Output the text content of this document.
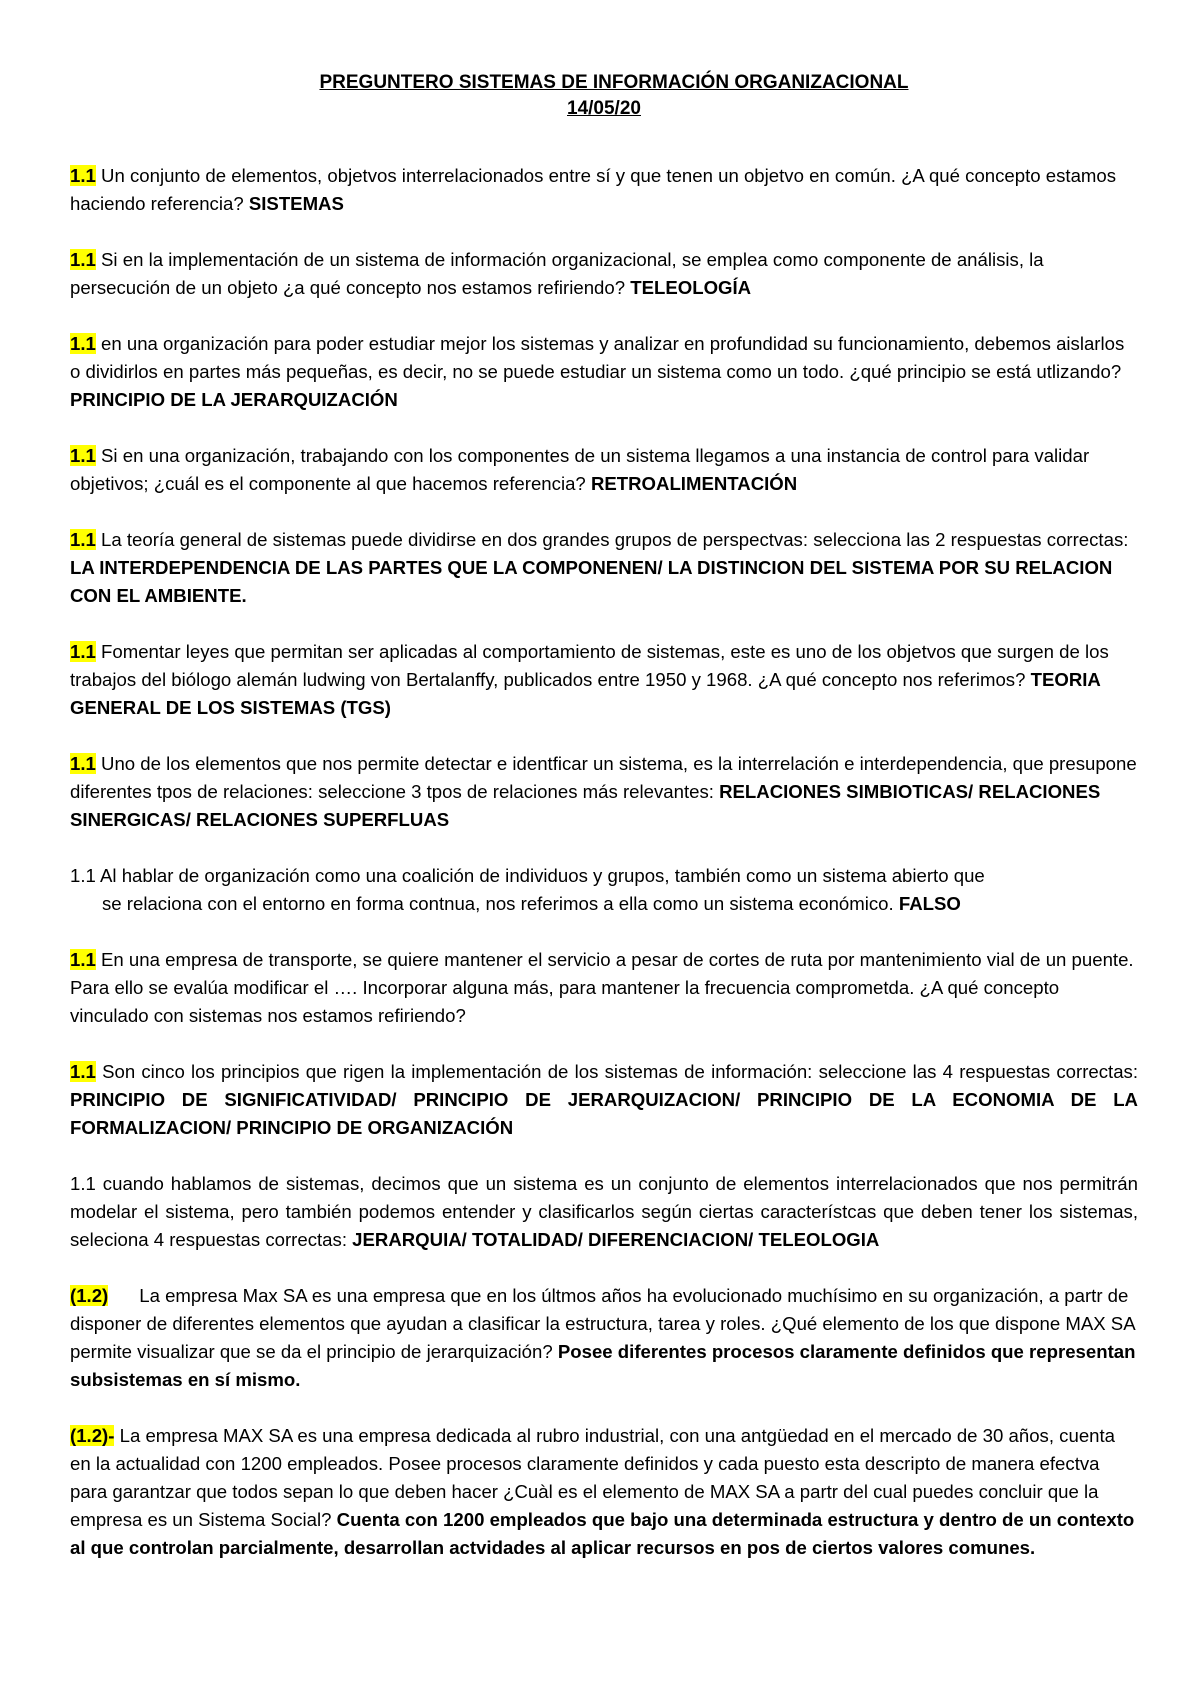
PREGUNTERO SISTEMAS DE INFORMACIÓN ORGANIZACIONAL
14/05/20

1.1 Un conjunto de elementos, objetvos interrelacionados entre sí y que tenen un objetvo en común. ¿A qué concepto estamos haciendo referencia? SISTEMAS

1.1 Si en la implementación de un sistema de información organizacional, se emplea como componente de análisis, la persecución de un objeto ¿a qué concepto nos estamos refiriendo? TELEOLOGÍA

1.1 en una organización para poder estudiar mejor los sistemas y analizar en profundidad su funcionamiento, debemos aislarlos o dividirlos en partes más pequeñas, es decir, no se puede estudiar un sistema como un todo. ¿qué principio se está utlizando? PRINCIPIO DE LA JERARQUIZACIÓN

1.1 Si en una organización, trabajando con los componentes de un sistema llegamos a una instancia de control para validar objetivos; ¿cuál es el componente al que hacemos referencia? RETROALIMENTACIÓN

1.1 La teoría general de sistemas puede dividirse en dos grandes grupos de perspectvas: selecciona las 2 respuestas correctas: LA INTERDEPENDENCIA DE LAS PARTES QUE LA COMPONENEN/ LA DISTINCION DEL SISTEMA POR SU RELACION CON EL AMBIENTE.

1.1 Fomentar leyes que permitan ser aplicadas al comportamiento de sistemas, este es uno de los objetvos que surgen de los trabajos del biólogo alemán ludwing von Bertalanffy, publicados entre 1950 y 1968. ¿A qué concepto nos referimos? TEORIA GENERAL DE LOS SISTEMAS (TGS)

1.1 Uno de los elementos que nos permite detectar e identficar un sistema, es la interrelación e interdependencia, que presupone diferentes tpos de relaciones: seleccione 3 tpos de relaciones más relevantes: RELACIONES SIMBIOTICAS/ RELACIONES SINERGICAS/ RELACIONES SUPERFLUAS

1.1 Al hablar de organización como una coalición de individuos y grupos, también como un sistema abierto que
se relaciona con el entorno en forma contnua, nos referimos a ella como un sistema económico. FALSO

1.1 En una empresa de transporte, se quiere mantener el servicio a pesar de cortes de ruta por mantenimiento vial de un puente. Para ello se evalúa modificar el …. Incorporar alguna más, para mantener la frecuencia comprometda. ¿A qué concepto vinculado con sistemas nos estamos refiriendo?

1.1 Son cinco los principios que rigen la implementación de los sistemas de información: seleccione las 4 respuestas correctas: PRINCIPIO DE SIGNIFICATIVIDAD/ PRINCIPIO DE JERARQUIZACION/ PRINCIPIO DE LA ECONOMIA DE LA FORMALIZACION/ PRINCIPIO DE ORGANIZACIÓN

1.1 cuando hablamos de sistemas, decimos que un sistema es un conjunto de elementos interrelacionados que nos permitrán modelar el sistema, pero también podemos entender y clasificarlos según ciertas característcas que deben tener los sistemas, seleciona 4 respuestas correctas: JERARQUIA/ TOTALIDAD/ DIFERENCIACION/ TELEOLOGIA

(1.2)      La empresa Max SA es una empresa que en los últmos años ha evolucionado muchísimo en su organización, a partr de disponer de diferentes elementos que ayudan a clasificar la estructura, tarea y roles. ¿Qué elemento de los que dispone MAX SA permite visualizar que se da el principio de jerarquización? Posee diferentes procesos claramente definidos que representan subsistemas en sí mismo.

(1.2)- La empresa MAX SA es una empresa dedicada al rubro industrial, con una antgüedad en el mercado de 30 años, cuenta en la actualidad con 1200 empleados. Posee procesos claramente definidos y cada puesto esta descripto de manera efectva para garantzar que todos sepan lo que deben hacer ¿Cuàl es el elemento de MAX SA a partr del cual puedes concluir que la empresa es un Sistema Social? Cuenta con 1200 empleados que bajo una determinada estructura y dentro de un contexto al que controlan parcialmente, desarrollan actvidades al aplicar recursos en pos de ciertos valores comunes.
